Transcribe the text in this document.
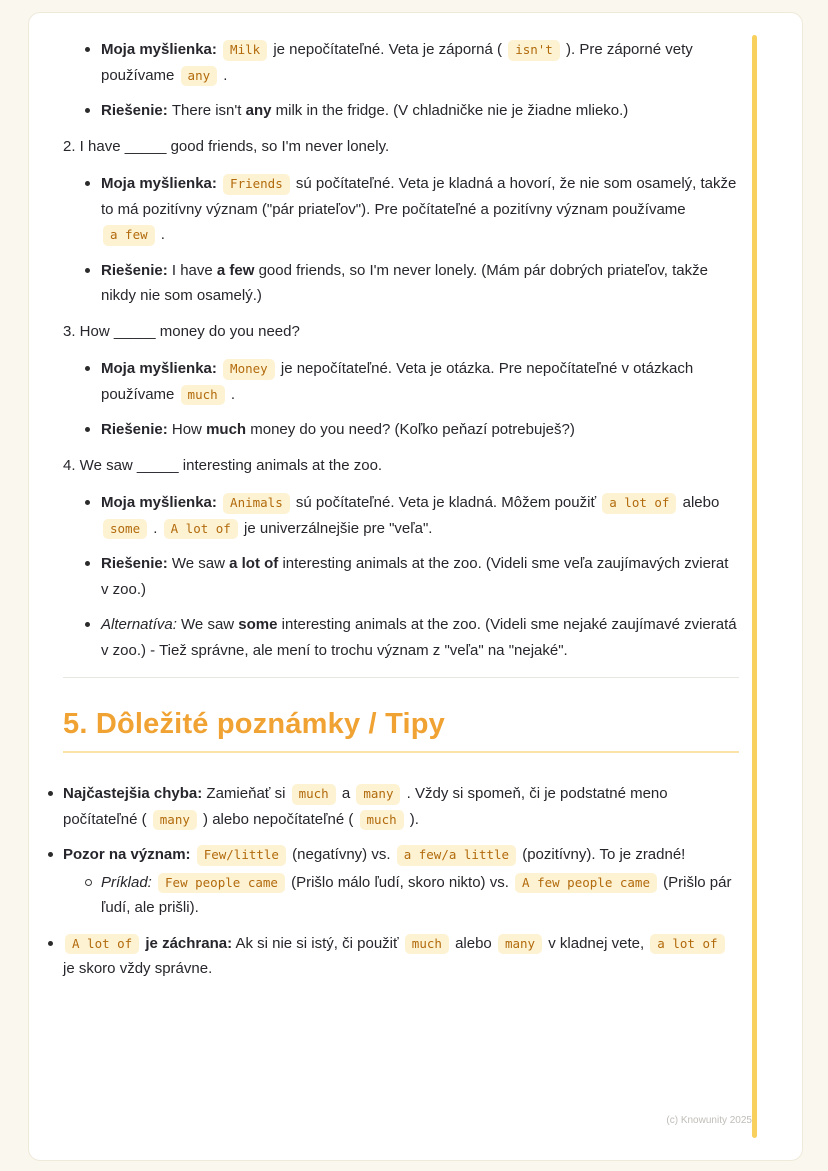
Moja myšlienka: Milk je nepočítateľné. Veta je záporná ( isn't ). Pre záporné vety používame any .

Riešenie: There isn't any milk in the fridge. (V chladničke nie je žiadne mlieko.)

2. I have _____ good friends, so I'm never lonely.

Moja myšlienka: Friends sú počítateľné. Veta je kladná a hovorí, že nie som osamelý, takže to má pozitívny význam ("pár priateľov"). Pre počítateľné a pozitívny význam používame a few .

Riešenie: I have a few good friends, so I'm never lonely. (Mám pár dobrých priateľov, takže nikdy nie som osamelý.)

3. How _____ money do you need?

Moja myšlienka: Money je nepočítateľné. Veta je otázka. Pre nepočítateľné v otázkach používame much .

Riešenie: How much money do you need? (Koľko peňazí potrebuješ?)

4. We saw _____ interesting animals at the zoo.

Moja myšlienka: Animals sú počítateľné. Veta je kladná. Môžem použiť a lot of alebo some . A lot of je univerzálnejšie pre "veľa".

Riešenie: We saw a lot of interesting animals at the zoo. (Videli sme veľa zaujímavých zvierat v zoo.)

Alternatíva: We saw some interesting animals at the zoo. (Videli sme nejaké zaujímavé zvieratá v zoo.) - Tiež správne, ale mení to trochu význam z "veľa" na "nejaké".

5. Dôležité poznámky / Tipy

Najčastejšia chyba: Zamieňať si much a many . Vždy si spomeň, či je podstatné meno počítateľné ( many ) alebo nepočítateľné ( much ).

Pozor na význam: Few/little (negatívny) vs. a few/a little (pozitívny). To je zradné!

Príklad: Few people came (Prišlo málo ľudí, skoro nikto) vs. A few people came (Prišlo pár ľudí, ale prišli).

A lot of je záchrana: Ak si nie si istý, či použiť much alebo many v kladnej vete, a lot of je skoro vždy správne.

(c) Knowunity 2025
